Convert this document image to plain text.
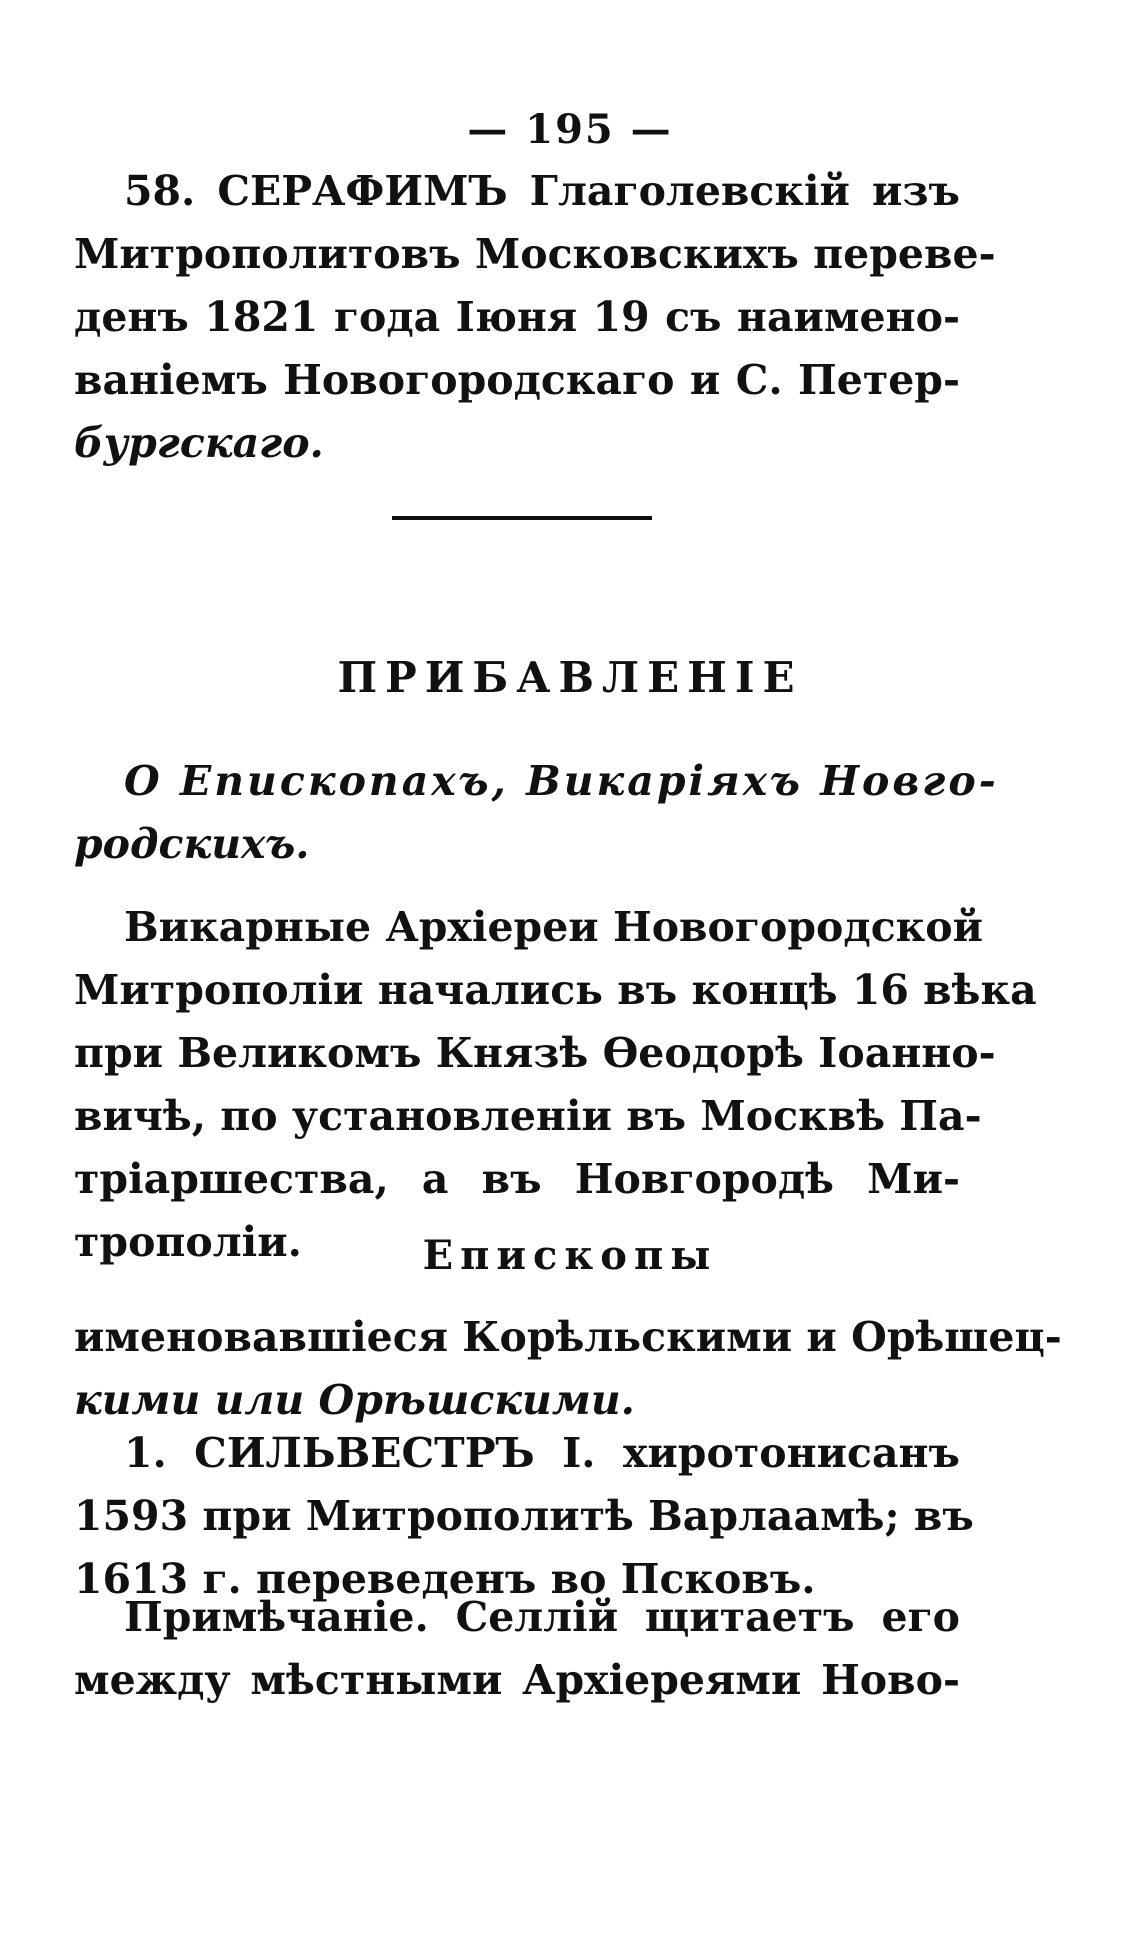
— 195 —
58. СЕРАФИМЪ Глаголевскій изъ
Митрополитовъ Московскихъ переве-
денъ 1821 года Іюня 19 съ наимено-
ваніемъ Новогородскаго и С. Петер-
бургскаго.
ПРИБАВЛЕНІЕ
О Епископахъ, Викаріяхъ Новго-
родскихъ.
Викарные Архіереи Новогородской
Митрополіи начались въ концѣ 16 вѣка
при Великомъ Князѣ Ѳеодорѣ Іоанно-
вичѣ, по установленіи въ Москвѣ Па-
тріаршества, а въ Новгородѣ Ми-
трополіи.	Епископы
именовавшіеся Корѣльскими и Орѣшец-
кими или Орѣшскими.
1. СИЛЬВЕСТРЪ I. хиротонисанъ
1593 при Митрополитѣ Варлаамѣ; въ
1613 г. переведенъ во Псковъ.
Примѣчаніе. Селлій щитаетъ его
между мѣстными Архіереями Ново-
